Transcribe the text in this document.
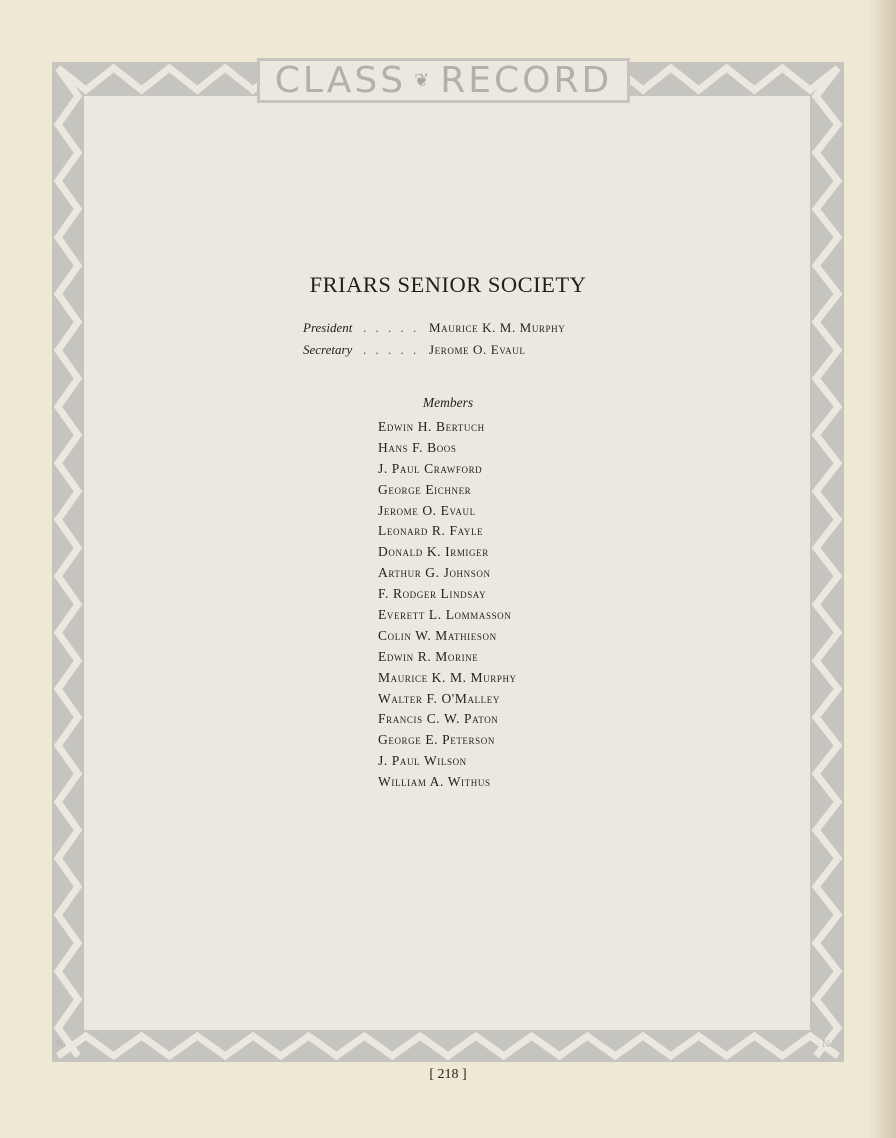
CLASS ❦ RECORD
FRIARS SENIOR SOCIETY
President . . . . . Maurice K. M. Murphy
Secretary . . . . . Jerome O. Evaul
Members
Edwin H. Bertuch
Hans F. Boos
J. Paul Crawford
George Eichner
Jerome O. Evaul
Leonard R. Fayle
Donald K. Irmiger
Arthur G. Johnson
F. Rodger Lindsay
Everett L. Lommasson
Colin W. Mathieson
Edwin R. Morine
Maurice K. M. Murphy
Walter F. O'Malley
Francis C. W. Paton
George E. Peterson
J. Paul Wilson
William A. Withus
R.	N.
[ 218 ]
